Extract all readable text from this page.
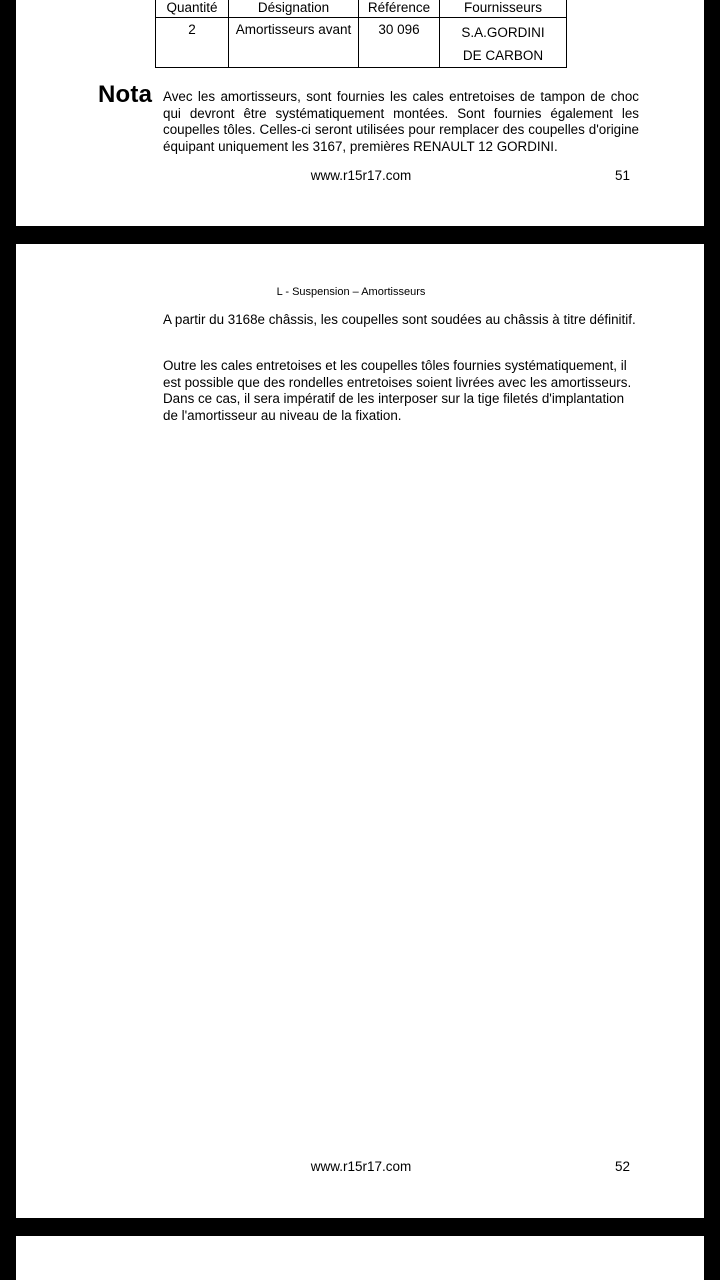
Quantité	Désignation	Référence	Fournisseurs
2	Amortisseurs avant	30 096	S.A.GORDINI
DE CARBON
Nota Avec les amortisseurs, sont fournies les cales entretoises de tampon de choc qui devront être systématiquement montées. Sont fournies également les coupelles tôles. Celles-ci seront utilisées pour remplacer des coupelles d'origine équipant uniquement les 3167, premières RENAULT 12 GORDINI.

www.r15r17.com	51
L - Suspension – Amortisseurs

A partir du 3168e châssis, les coupelles sont soudées au châssis à titre définitif.

Outre les cales entretoises et les coupelles tôles fournies systématiquement, il est possible que des rondelles entretoises soient livrées avec les amortisseurs. Dans ce cas, il sera impératif de les interposer sur la tige filetés d'implantation de l'amortisseur au niveau de la fixation.

www.r15r17.com	52
